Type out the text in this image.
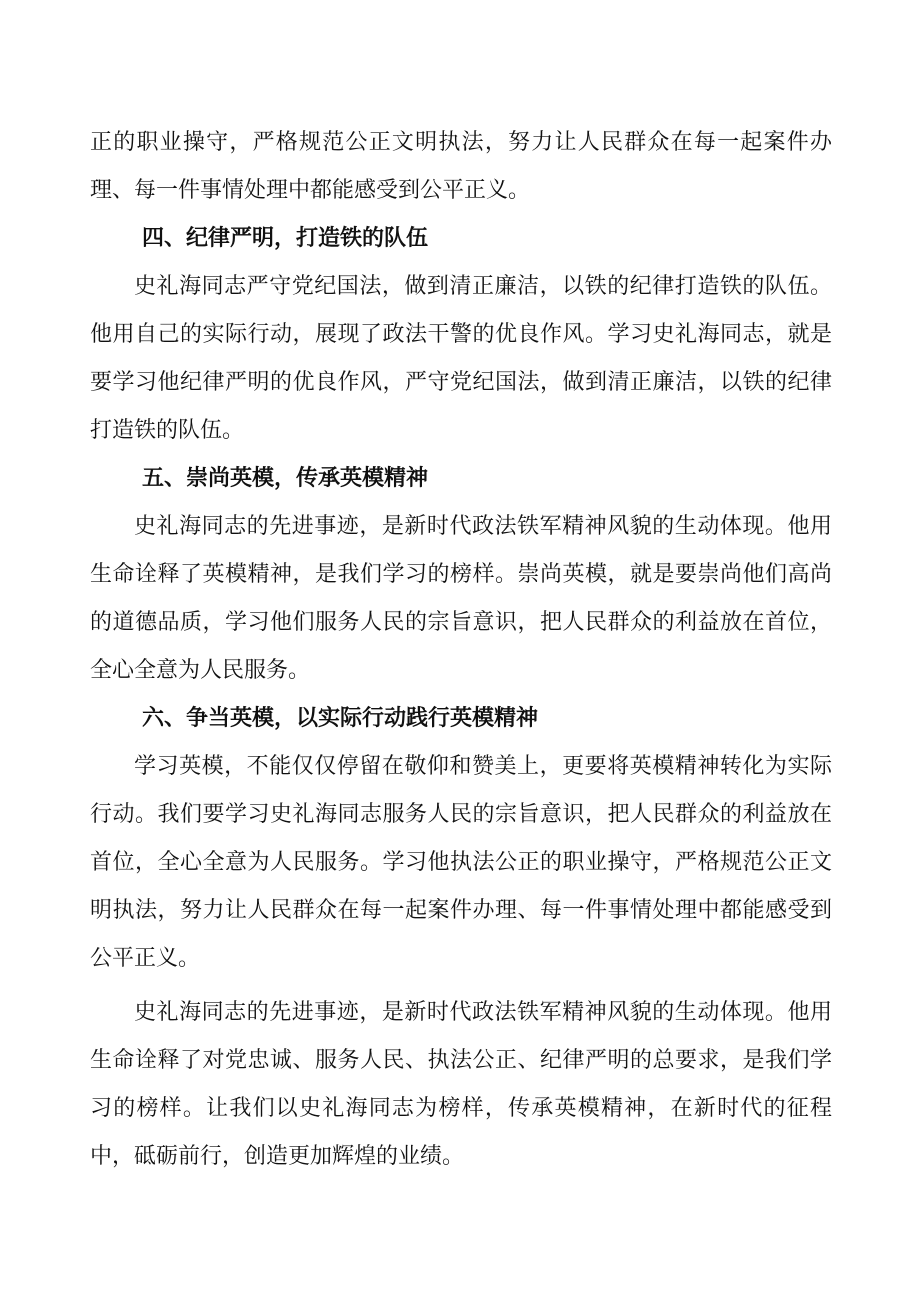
正的职业操守，严格规范公正文明执法，努力让人民群众在每一起案件办理、每一件事情处理中都能感受到公平正义。

四、纪律严明，打造铁的队伍

史礼海同志严守党纪国法，做到清正廉洁，以铁的纪律打造铁的队伍。他用自己的实际行动，展现了政法干警的优良作风。学习史礼海同志，就是要学习他纪律严明的优良作风，严守党纪国法，做到清正廉洁，以铁的纪律打造铁的队伍。

五、崇尚英模，传承英模精神

史礼海同志的先进事迹，是新时代政法铁军精神风貌的生动体现。他用生命诠释了英模精神，是我们学习的榜样。崇尚英模，就是要崇尚他们高尚的道德品质，学习他们服务人民的宗旨意识，把人民群众的利益放在首位，全心全意为人民服务。

六、争当英模，以实际行动践行英模精神

学习英模，不能仅仅停留在敬仰和赞美上，更要将英模精神转化为实际行动。我们要学习史礼海同志服务人民的宗旨意识，把人民群众的利益放在首位，全心全意为人民服务。学习他执法公正的职业操守，严格规范公正文明执法，努力让人民群众在每一起案件办理、每一件事情处理中都能感受到公平正义。

史礼海同志的先进事迹，是新时代政法铁军精神风貌的生动体现。他用生命诠释了对党忠诚、服务人民、执法公正、纪律严明的总要求，是我们学习的榜样。让我们以史礼海同志为榜样，传承英模精神，在新时代的征程中，砥砺前行，创造更加辉煌的业绩。
